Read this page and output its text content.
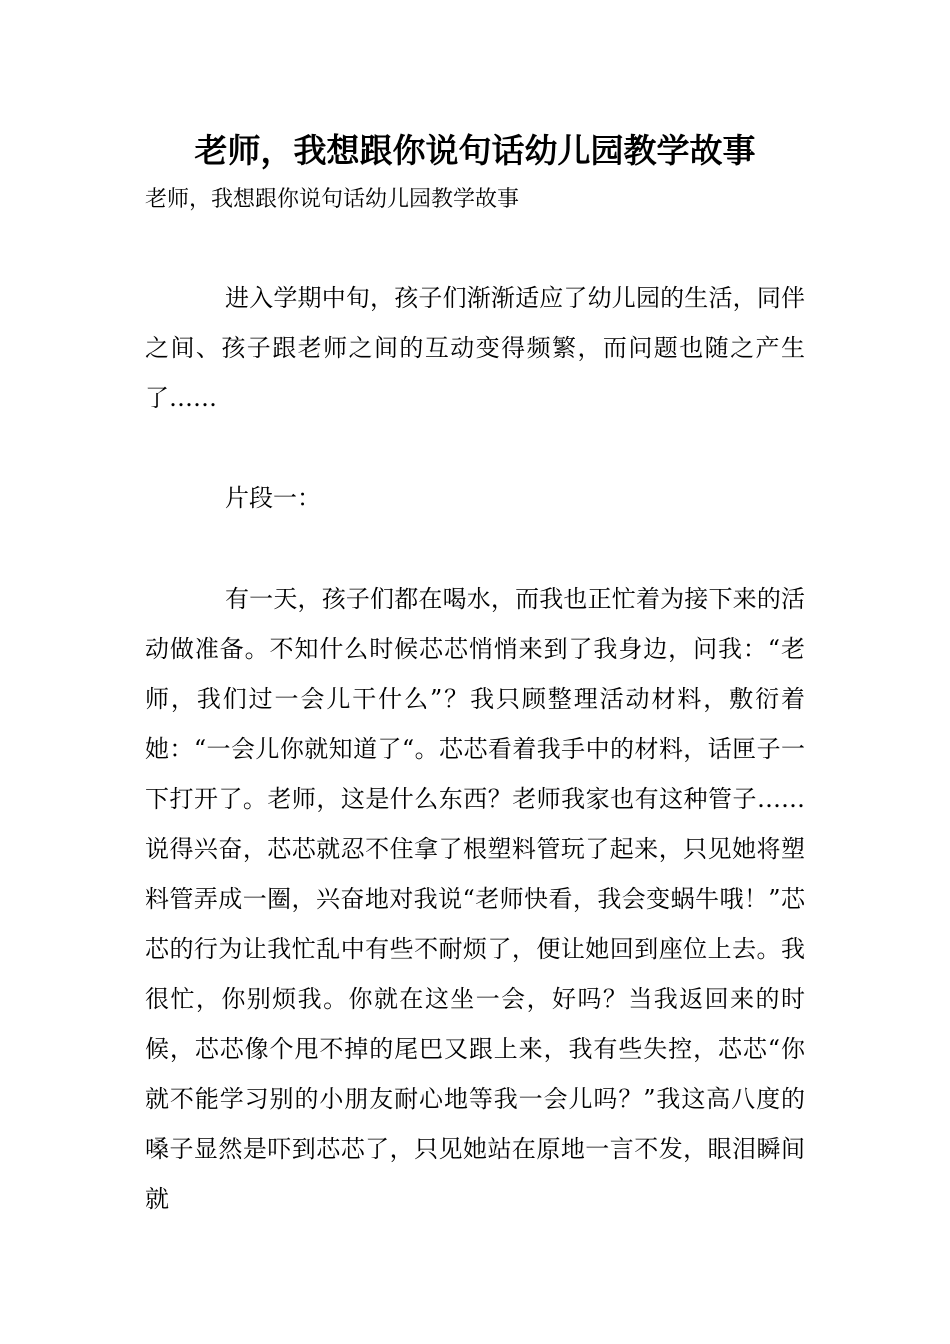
老师，我想跟你说句话幼儿园教学故事
老师，我想跟你说句话幼儿园教学故事

进入学期中旬，孩子们渐渐适应了幼儿园的生活，同伴之间、孩子跟老师之间的互动变得频繁，而问题也随之产生了……

片段一：

有一天，孩子们都在喝水，而我也正忙着为接下来的活动做准备。不知什么时候芯芯悄悄来到了我身边，问我：“老师，我们过一会儿干什么”？我只顾整理活动材料，敷衍着她：“一会儿你就知道了“。芯芯看着我手中的材料，话匣子一下打开了。老师，这是什么东西？老师我家也有这种管子……说得兴奋，芯芯就忍不住拿了根塑料管玩了起来，只见她将塑料管弄成一圈，兴奋地对我说“老师快看，我会变蜗牛哦！”芯芯的行为让我忙乱中有些不耐烦了，便让她回到座位上去。我很忙，你别烦我。你就在这坐一会，好吗？当我返回来的时候，芯芯像个甩不掉的尾巴又跟上来，我有些失控，芯芯“你就不能学习别的小朋友耐心地等我一会儿吗？”我这高八度的嗓子显然是吓到芯芯了，只见她站在原地一言不发，眼泪瞬间就
